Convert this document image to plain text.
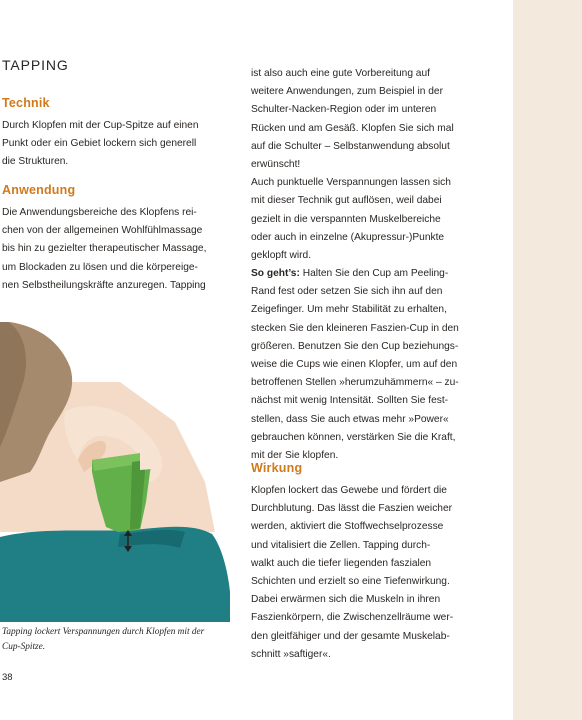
TAPPING
Technik
Durch Klopfen mit der Cup-Spitze auf einen
Punkt oder ein Gebiet lockern sich generell
die Strukturen.
Anwendung
Die Anwendungsbereiche des Klopfens rei-
chen von der allgemeinen Wohlfühlmassage
bis hin zu gezielter therapeutischer Massage,
um Blockaden zu lösen und die körpereige-
nen Selbstheilungskräfte anzuregen. Tapping
Tapping lockert Verspannungen durch Klopfen mit der
Cup-Spitze.
38
ist also auch eine gute Vorbereitung auf
weitere Anwendungen, zum Beispiel in der
Schulter-Nacken-Region oder im unteren
Rücken und am Gesäß. Klopfen Sie sich mal
auf die Schulter – Selbstanwendung absolut
erwünscht!
Auch punktuelle Verspannungen lassen sich
mit dieser Technik gut auflösen, weil dabei
gezielt in die verspannten Muskelbereiche
oder auch in einzelne (Akupressur-)Punkte
geklopft wird.
So geht’s: Halten Sie den Cup am Peeling-
Rand fest oder setzen Sie sich ihn auf den
Zeigefinger. Um mehr Stabilität zu erhalten,
stecken Sie den kleineren Faszien-Cup in den
größeren. Benutzen Sie den Cup beziehungs-
weise die Cups wie einen Klopfer, um auf den
betroffenen Stellen »herumzuhämmern« – zu-
nächst mit wenig Intensität. Sollten Sie fest-
stellen, dass Sie auch etwas mehr »Power«
gebrauchen können, verstärken Sie die Kraft,
mit der Sie klopfen.
Wirkung
Klopfen lockert das Gewebe und fördert die
Durchblutung. Das lässt die Faszien weicher
werden, aktiviert die Stoffwechselprozesse
und vitalisiert die Zellen. Tapping durch-
walkt auch die tiefer liegenden faszialen
Schichten und erzielt so eine Tiefenwirkung.
Dabei erwärmen sich die Muskeln in ihren
Faszienkörpern, die Zwischenzellräume wer-
den gleitfähiger und der gesamte Muskelab-
schnitt »saftiger«.
